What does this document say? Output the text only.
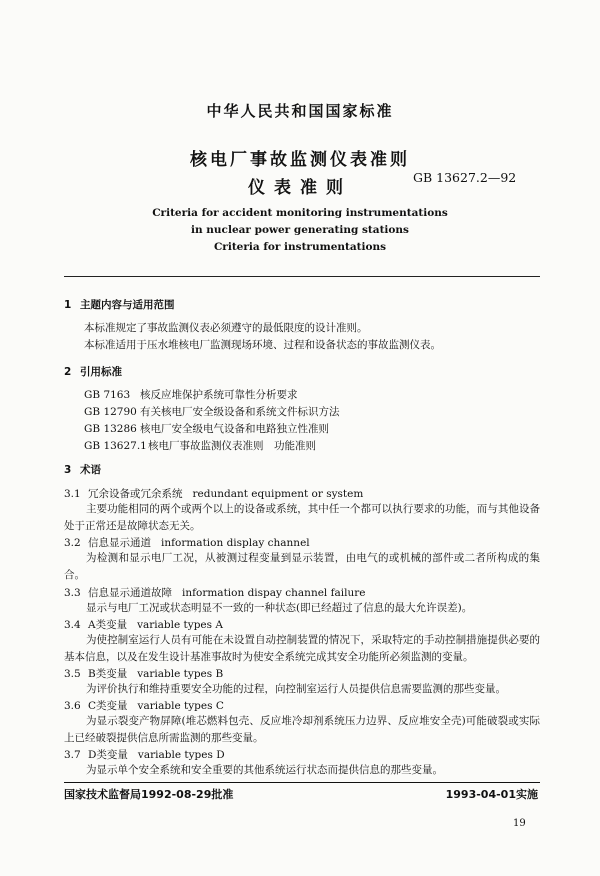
中华人民共和国国家标准
核电厂事故监测仪表准则
仪表准则
GB 13627.2—92
Criteria for accident monitoring instrumentations
in nuclear power generating stations
Criteria for instrumentations
1 主题内容与适用范围
本标准规定了事故监测仪表必须遵守的最低限度的设计准则。
本标准适用于压水堆核电厂监测现场环境、过程和设备状态的事故监测仪表。
2 引用标准
GB 7163 核反应堆保护系统可靠性分析要求
GB 12790 有关核电厂安全级设备和系统文件标识方法
GB 13286 核电厂安全级电气设备和电路独立性准则
GB 13627.1核电厂事故监测仪表准则　功能准则
3 术语
3.1 冗余设备或冗余系统 redundant equipment or system
主要功能相同的两个或两个以上的设备或系统，其中任一个都可以执行要求的功能，而与其他设备处于正常还是故障状态无关。
3.2 信息显示通道 information display channel
为检测和显示电厂工况，从被测过程变量到显示装置，由电气的或机械的部件或二者所构成的集合。
3.3 信息显示通道故障 information dispay channel failure
显示与电厂工况或状态明显不一致的一种状态(即已经超过了信息的最大允许误差)。
3.4 A类变量 variable types A
为使控制室运行人员有可能在未设置自动控制装置的情况下，采取特定的手动控制措施提供必要的基本信息，以及在发生设计基准事故时为使安全系统完成其安全功能所必须监测的变量。
3.5 B类变量 variable types B
为评价执行和维持重要安全功能的过程，向控制室运行人员提供信息需要监测的那些变量。
3.6 C类变量 variable types C
为显示裂变产物屏障(堆芯燃料包壳、反应堆冷却剂系统压力边界、反应堆安全壳)可能破裂或实际上已经破裂提供信息所需监测的那些变量。
3.7 D类变量 variable types D
为显示单个安全系统和安全重要的其他系统运行状态而提供信息的那些变量。
国家技术监督局1992-08-29批准	1993-04-01实施
19
